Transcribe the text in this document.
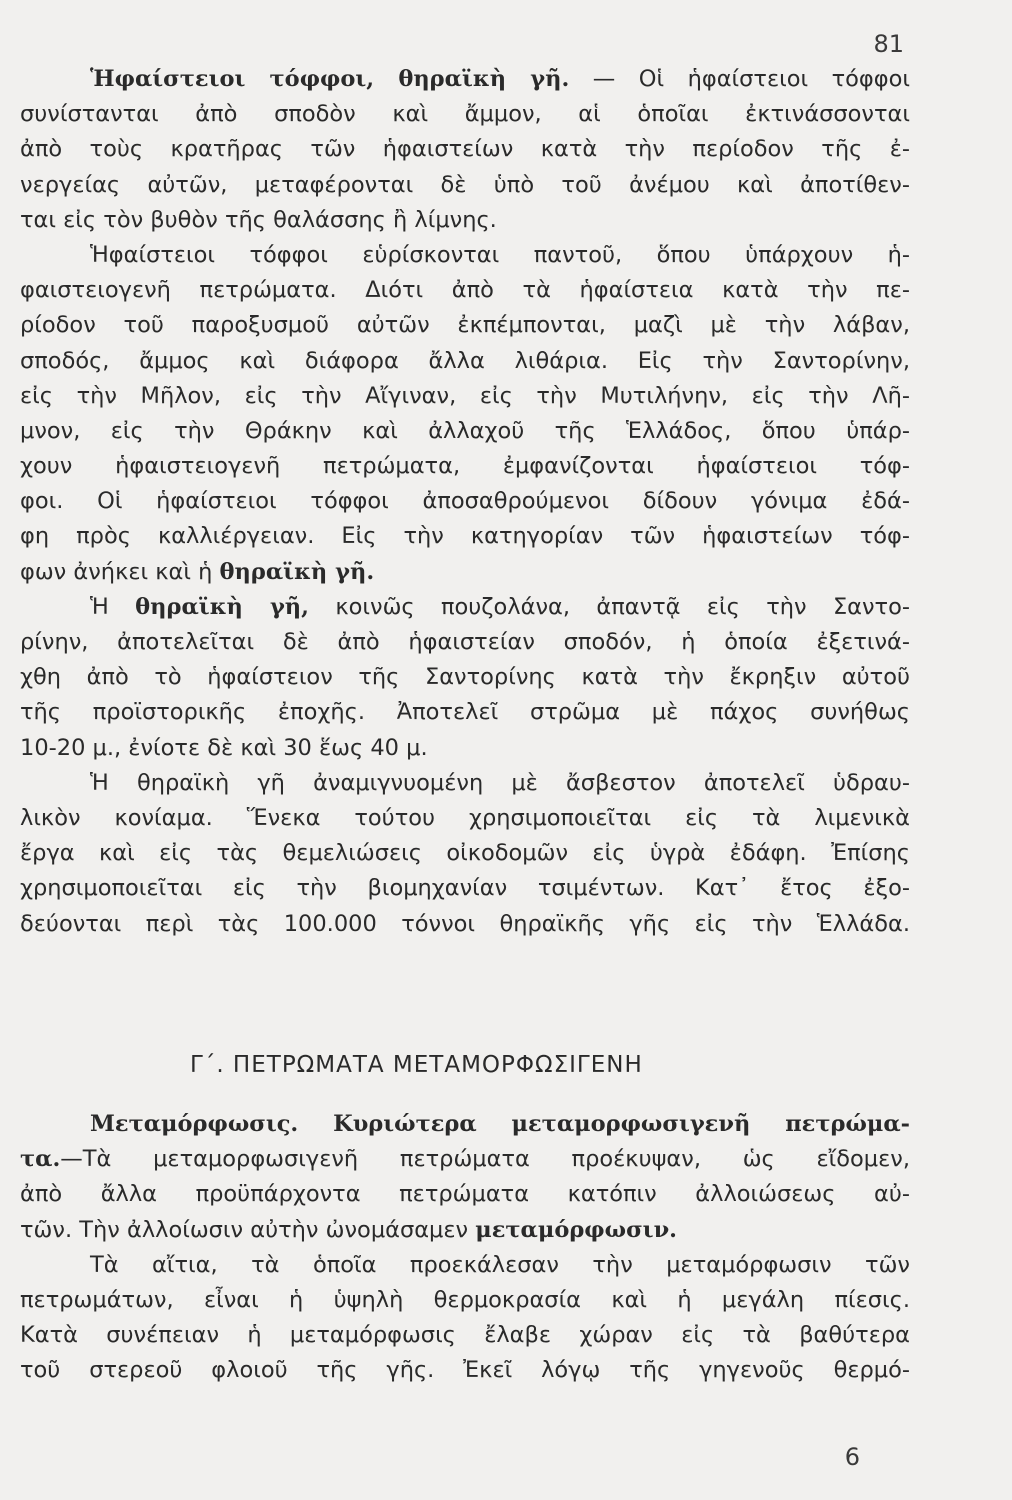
81
Ἡφαίστειοι τόφφοι, θηραϊκὴ γῆ. — Οἱ ἡφαίστειοι τόφφοι
συνίστανται ἀπὸ σποδὸν καὶ ἄμμον, αἱ ὁποῖαι ἐκτινάσσονται
ἀπὸ τοὺς κρατῆρας τῶν ἡφαιστείων κατὰ τὴν περίοδον τῆς ἐ-
νεργείας αὐτῶν, μεταφέρονται δὲ ὑπὸ τοῦ ἀνέμου καὶ ἀποτίθεν-
ται εἰς τὸν βυθὸν τῆς θαλάσσης ἢ λίμνης.
Ἡφαίστειοι τόφφοι εὑρίσκονται παντοῦ, ὅπου ὑπάρχουν ἡ-
φαιστειογενῆ πετρώματα. Διότι ἀπὸ τὰ ἡφαίστεια κατὰ τὴν πε-
ρίοδον τοῦ παροξυσμοῦ αὐτῶν ἐκπέμπονται, μαζὶ μὲ τὴν λάβαν,
σποδός, ἄμμος καὶ διάφορα ἄλλα λιθάρια. Εἰς τὴν Σαντορίνην,
εἰς τὴν Μῆλον, εἰς τὴν Αἴγιναν, εἰς τὴν Μυτιλήνην, εἰς τὴν Λῆ-
μνον, εἰς τὴν Θράκην καὶ ἀλλαχοῦ τῆς Ἑλλάδος, ὅπου ὑπάρ-
χουν ἡφαιστειογενῆ πετρώματα, ἐμφανίζονται ἡφαίστειοι τόφ-
φοι. Οἱ ἡφαίστειοι τόφφοι ἀποσαθρούμενοι δίδουν γόνιμα ἐδά-
φη πρὸς καλλιέργειαν. Εἰς τὴν κατηγορίαν τῶν ἡφαιστείων τόφ-
φων ἀνήκει καὶ ἡ θηραϊκὴ γῆ.
Ἡ θηραϊκὴ γῆ, κοινῶς πουζολάνα, ἀπαντᾷ εἰς τὴν Σαντο-
ρίνην, ἀποτελεῖται δὲ ἀπὸ ἡφαιστείαν σποδόν, ἡ ὁποία ἐξετινά-
χθη ἀπὸ τὸ ἡφαίστειον τῆς Σαντορίνης κατὰ τὴν ἔκρηξιν αὐτοῦ
τῆς προϊστορικῆς ἐποχῆς. Ἀποτελεῖ στρῶμα μὲ πάχος συνήθως
10-20 μ., ἐνίοτε δὲ καὶ 30 ἕως 40 μ.
Ἡ θηραϊκὴ γῆ ἀναμιγνυομένη μὲ ἄσβεστον ἀποτελεῖ ὑδραυ-
λικὸν κονίαμα. Ἕνεκα τούτου χρησιμοποιεῖται εἰς τὰ λιμενικὰ
ἔργα καὶ εἰς τὰς θεμελιώσεις οἰκοδομῶν εἰς ὑγρὰ ἐδάφη. Ἐπίσης
χρησιμοποιεῖται εἰς τὴν βιομηχανίαν τσιμέντων. Κατ᾿ ἔτος ἐξο-
δεύονται περὶ τὰς 100.000 τόννοι θηραϊκῆς γῆς εἰς τὴν Ἑλλάδα.
Γ΄. ΠΕΤΡΩΜΑΤΑ ΜΕΤΑΜΟΡΦΩΣΙΓΕΝΗ
Μεταμόρφωσις. Κυριώτερα μεταμορφωσιγενῆ πετρώμα-
τα.—Τὰ μεταμορφωσιγενῆ πετρώματα προέκυψαν, ὡς εἴδομεν,
ἀπὸ ἄλλα προϋπάρχοντα πετρώματα κατόπιν ἀλλοιώσεως αὐ-
τῶν. Τὴν ἀλλοίωσιν αὐτὴν ὠνομάσαμεν μεταμόρφωσιν.
Τὰ αἴτια, τὰ ὁποῖα προεκάλεσαν τὴν μεταμόρφωσιν τῶν
πετρωμάτων, εἶναι ἡ ὑψηλὴ θερμοκρασία καὶ ἡ μεγάλη πίεσις.
Κατὰ συνέπειαν ἡ μεταμόρφωσις ἔλαβε χώραν εἰς τὰ βαθύτερα
τοῦ στερεοῦ φλοιοῦ τῆς γῆς. Ἐκεῖ λόγῳ τῆς γηγενοῦς θερμό-
6
